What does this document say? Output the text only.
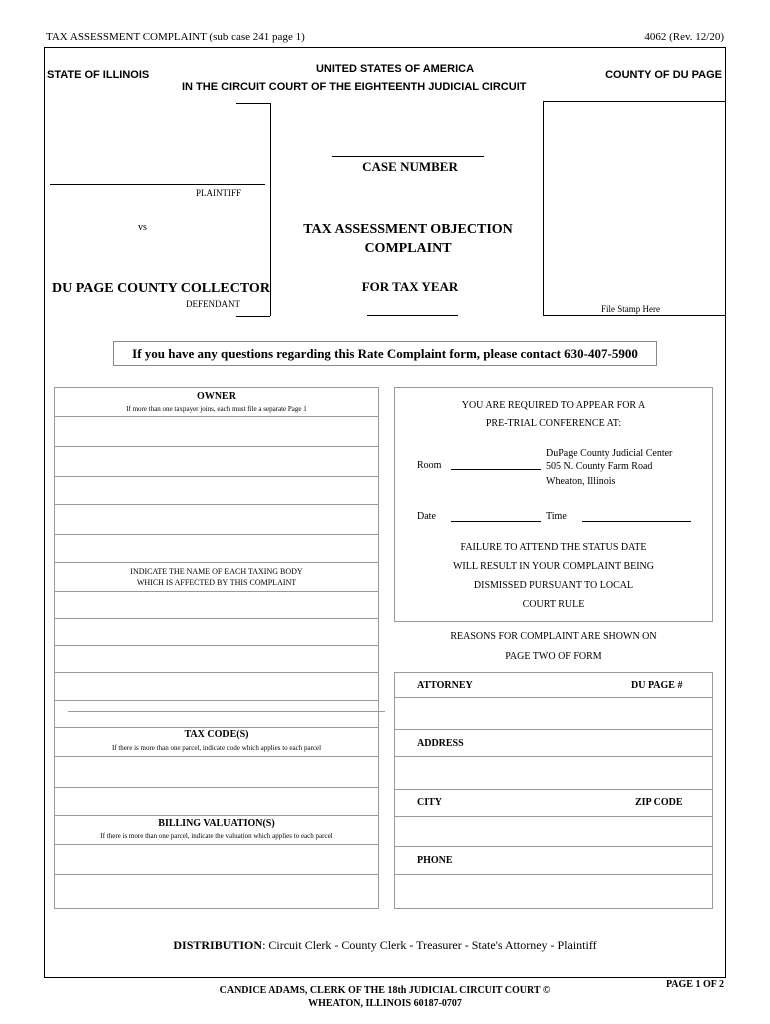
TAX ASSESSMENT COMPLAINT (sub case 241 page 1)	4062 (Rev. 12/20)
STATE OF ILLINOIS	UNITED STATES OF AMERICA
IN THE CIRCUIT COURT OF THE EIGHTEENTH JUDICIAL CIRCUIT
COUNTY OF DU PAGE
PLAINTIFF
vs
DU PAGE COUNTY COLLECTOR
DEFENDANT
CASE NUMBER
TAX ASSESSMENT OBJECTION
COMPLAINT
FOR TAX YEAR
File Stamp Here
If you have any questions regarding this Rate Complaint form, please contact 630-407-5900
OWNER
If more than one taxpayer joins, each must file a separate Page 1
INDICATE THE NAME OF EACH TAXING BODY
WHICH IS AFFECTED BY THIS COMPLAINT
TAX CODE(S)
If there is more than one parcel, indicate code which applies to each parcel
BILLING VALUATION(S)
If there is more than one parcel, indicate the valuation which applies to each parcel
YOU ARE REQUIRED TO APPEAR FOR A
PRE-TRIAL CONFERENCE AT:
Room
DuPage County Judicial Center
505 N. County Farm Road
Wheaton, Illinois
Date	Time
FAILURE TO ATTEND THE STATUS DATE
WILL RESULT IN YOUR COMPLAINT BEING
DISMISSED PURSUANT TO LOCAL
COURT RULE
REASONS FOR COMPLAINT ARE SHOWN ON
PAGE TWO OF FORM
ATTORNEY	DU PAGE #
ADDRESS
CITY	ZIP CODE
PHONE
DISTRIBUTION: Circuit Clerk - County Clerk - Treasurer - State's Attorney - Plaintiff
CANDICE ADAMS, CLERK OF THE 18th JUDICIAL CIRCUIT COURT ©
WHEATON, ILLINOIS 60187-0707
PAGE 1 OF 2
